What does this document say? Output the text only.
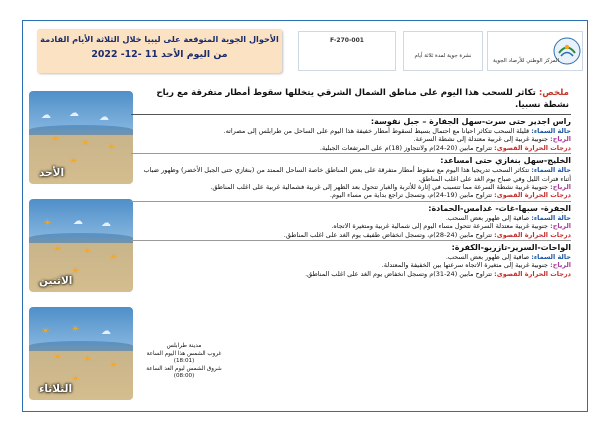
الأحوال الجوية المتوقعة على ليبيا خلال الثلاثة الأيام القادمة
من اليوم الأحد 11 -12- 2022
F-270-001
نشرة جوية لمدة ثلاثة أيام
المركز الوطني للأرصاد الجوية
☁ ☁ ☁
☀ ☀ ☀
☀
الأحد
☀ ☁ ☁
☀ ☀
☀
☀
الاثنين
☀ ☀ ☁
☀ ☀
☀
☀
الثلاثاء
مدينة طرابلس
غروب الشمس هذا اليوم الساعة (18:01)
شروق الشمس ليوم الغد الساعة (08:00)
ملخص: تكاثر للسحب هذا اليوم على مناطق الشمال الشرقي يتخللها سقوط أمطار متفرقة مع رياح نشطة نسبيا.
راس اجدير حتى سرت-سهل الجفارة – جبل نفوسة:
حالة السماء: قليلة السحب تتكاثر احيانا مع احتمال بسيط لسقوط أمطار خفيفة هذا اليوم على الساحل من طرابلس إلى مصراته.
الرياح: جنوبية غربية إلى غربية معتدلة إلى نشطة السرعة.
درجات الحرارة القصوى: تتراوح مابين (20-24)م ولاتتجاوز (18)م على المرتفعات الجبلية.
الخليج-سهل بنغازي حتى امساعد:
حالة السماء: تتكاثر السحب تدريجيا هذا اليوم مع سقوط أمطار متفرقة على بعض المناطق خاصة الساحل الممتد من (بنغازي حتى الجبل الأخضر) وظهور ضباب أثناء فترات الليل وفي صباح يوم الغد على اغلب المناطق.
الرياح: جنوبية غربية نشطة السرعة مما تتسبب في إثارة للأتربة والغبار تتحول بعد الظهر إلى غربية فشمالية غربية على اغلب المناطق.
درجات الحرارة القصوى: تتراوح مابين (19-24)م، وتسجل تراجع بداية من مساء اليوم.
الجفرة- سبها-غات- غدامس-الحمادة:
حالة السماء: صافية إلى ظهور بعض السحب.
الرياح: جنوبية غربية معتدلة السرعة تتحول مساء اليوم إلى شمالية غربية ومتغيرة الاتجاه.
درجات الحرارة القصوى: تتراوح مابين (24-28)م، وتسجل انخفاض طفيف يوم الغد على اغلب المناطق.
الواحات-السرير-تازربو-الكفرة:
حالة السماء: صافية إلى ظهور بعض السحب.
الرياح: جنوبية غربية إلى متغيرة الاتجاه سرعتها بين الخفيفة والمعتدلة.
درجات الحرارة القصوى: تتراوح مابين (24-31)م وتسجل انخفاض يوم الغد على اغلب المناطق.
